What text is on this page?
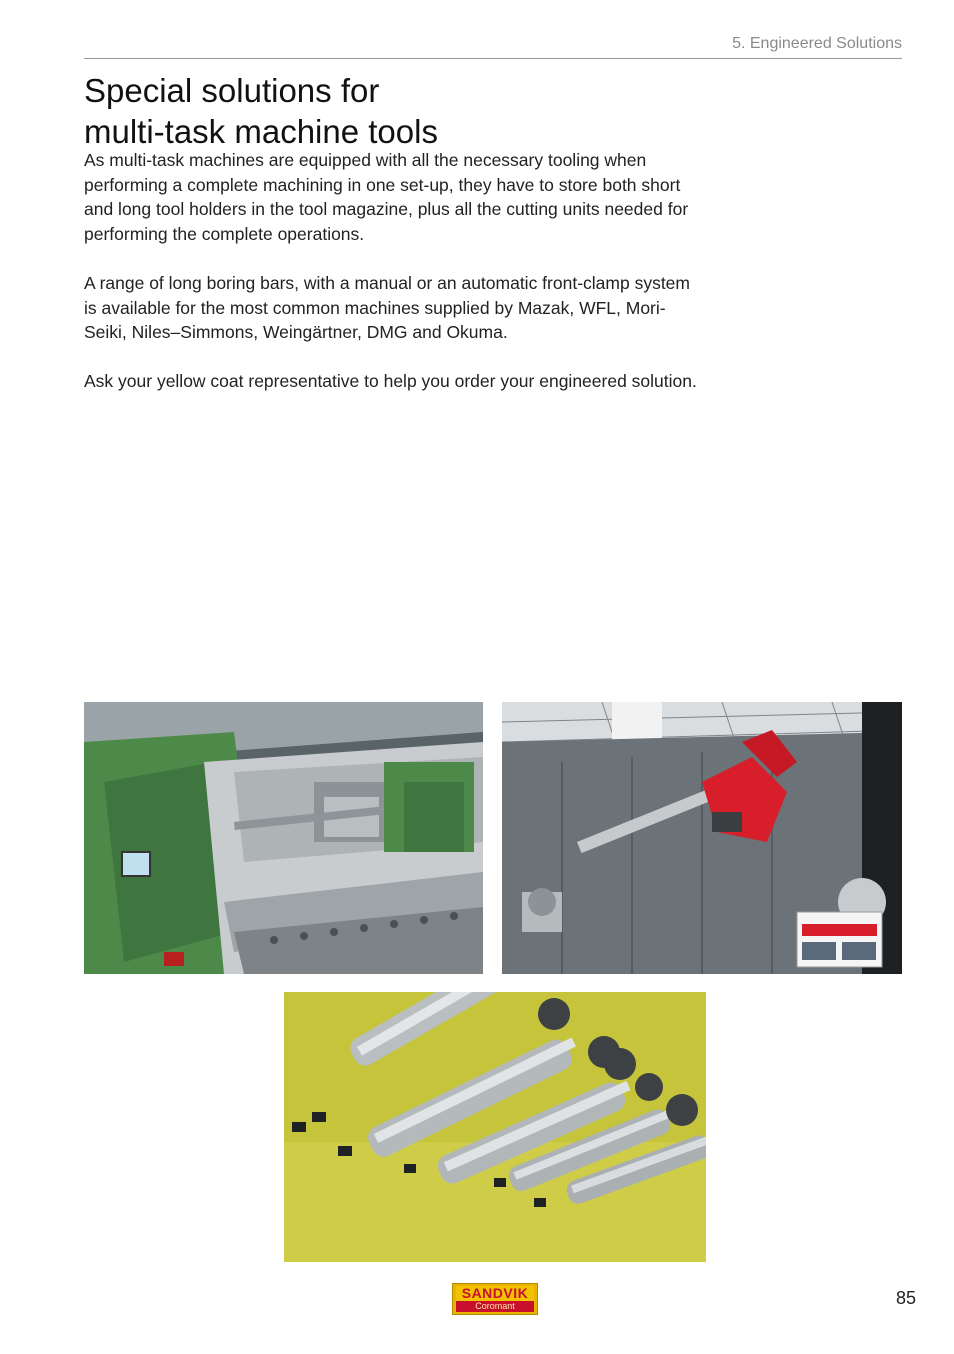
5. Engineered Solutions
Special solutions for
multi-task machine tools

As multi-task machines are equipped with all the necessary tooling when performing a complete machining in one set-up, they have to store both short and long tool holders in the tool magazine, plus all the cutting units needed for performing the complete operations.

A range of long boring bars, with a manual or an automatic front-clamp system is available for the most common machines supplied by Mazak, WFL, Mori-Seiki, Niles–Simmons, Weingärtner, DMG and Okuma.

Ask your yellow coat representative to help you order your engineered solution.

SANDVIK
Coromant	85
